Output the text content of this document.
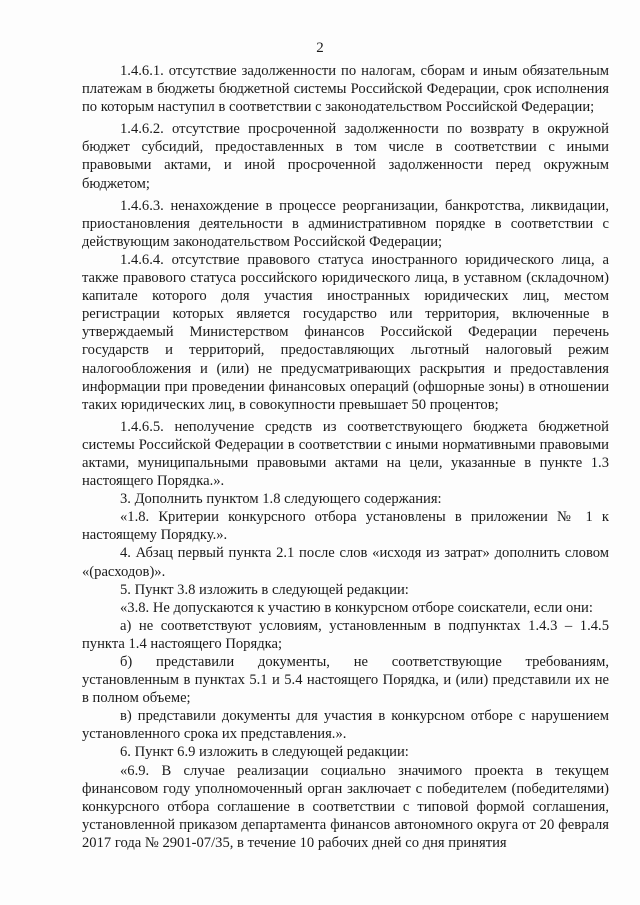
2

1.4.6.1. отсутствие задолженности по налогам, сборам и иным обязательным платежам в бюджеты бюджетной системы Российской Федерации, срок исполнения по которым наступил в соответствии с законодательством Российской Федерации;

1.4.6.2. отсутствие просроченной задолженности по возврату в окружной бюджет субсидий, предоставленных в том числе в соответствии с иными правовыми актами, и иной просроченной задолженности перед окружным бюджетом;

1.4.6.3. ненахождение в процессе реорганизации, банкротства, ликвидации, приостановления деятельности в административном порядке в соответствии с действующим законодательством Российской Федерации;

1.4.6.4. отсутствие правового статуса иностранного юридического лица, а также правового статуса российского юридического лица, в уставном (складочном) капитале которого доля участия иностранных юридических лиц, местом регистрации которых является государство или территория, включенные в утверждаемый Министерством финансов Российской Федерации перечень государств и территорий, предоставляющих льготный налоговый режим налогообложения и (или) не предусматривающих раскрытия и предоставления информации при проведении финансовых операций (офшорные зоны) в отношении таких юридических лиц, в совокупности превышает 50 процентов;

1.4.6.5. неполучение средств из соответствующего бюджета бюджетной системы Российской Федерации в соответствии с иными нормативными правовыми актами, муниципальными правовыми актами на цели, указанные в пункте 1.3 настоящего Порядка.».

3. Дополнить пунктом 1.8 следующего содержания:

«1.8. Критерии конкурсного отбора установлены в приложении № 1 к настоящему Порядку.».

4. Абзац первый пункта 2.1 после слов «исходя из затрат» дополнить словом «(расходов)».

5. Пункт 3.8 изложить в следующей редакции:

«3.8. Не допускаются к участию в конкурсном отборе соискатели, если они:

а) не соответствуют условиям, установленным в подпунктах 1.4.3 – 1.4.5 пункта 1.4 настоящего Порядка;

б) представили документы, не соответствующие требованиям, установленным в пунктах 5.1 и 5.4 настоящего Порядка, и (или) представили их не в полном объеме;

в) представили документы для участия в конкурсном отборе с нарушением установленного срока их представления.».

6. Пункт 6.9 изложить в следующей редакции:

«6.9. В случае реализации социально значимого проекта в текущем финансовом году уполномоченный орган заключает с победителем (победителями) конкурсного отбора соглашение в соответствии с типовой формой соглашения, установленной приказом департамента финансов автономного округа от 20 февраля 2017 года № 2901-07/35, в течение 10 рабочих дней со дня принятия
